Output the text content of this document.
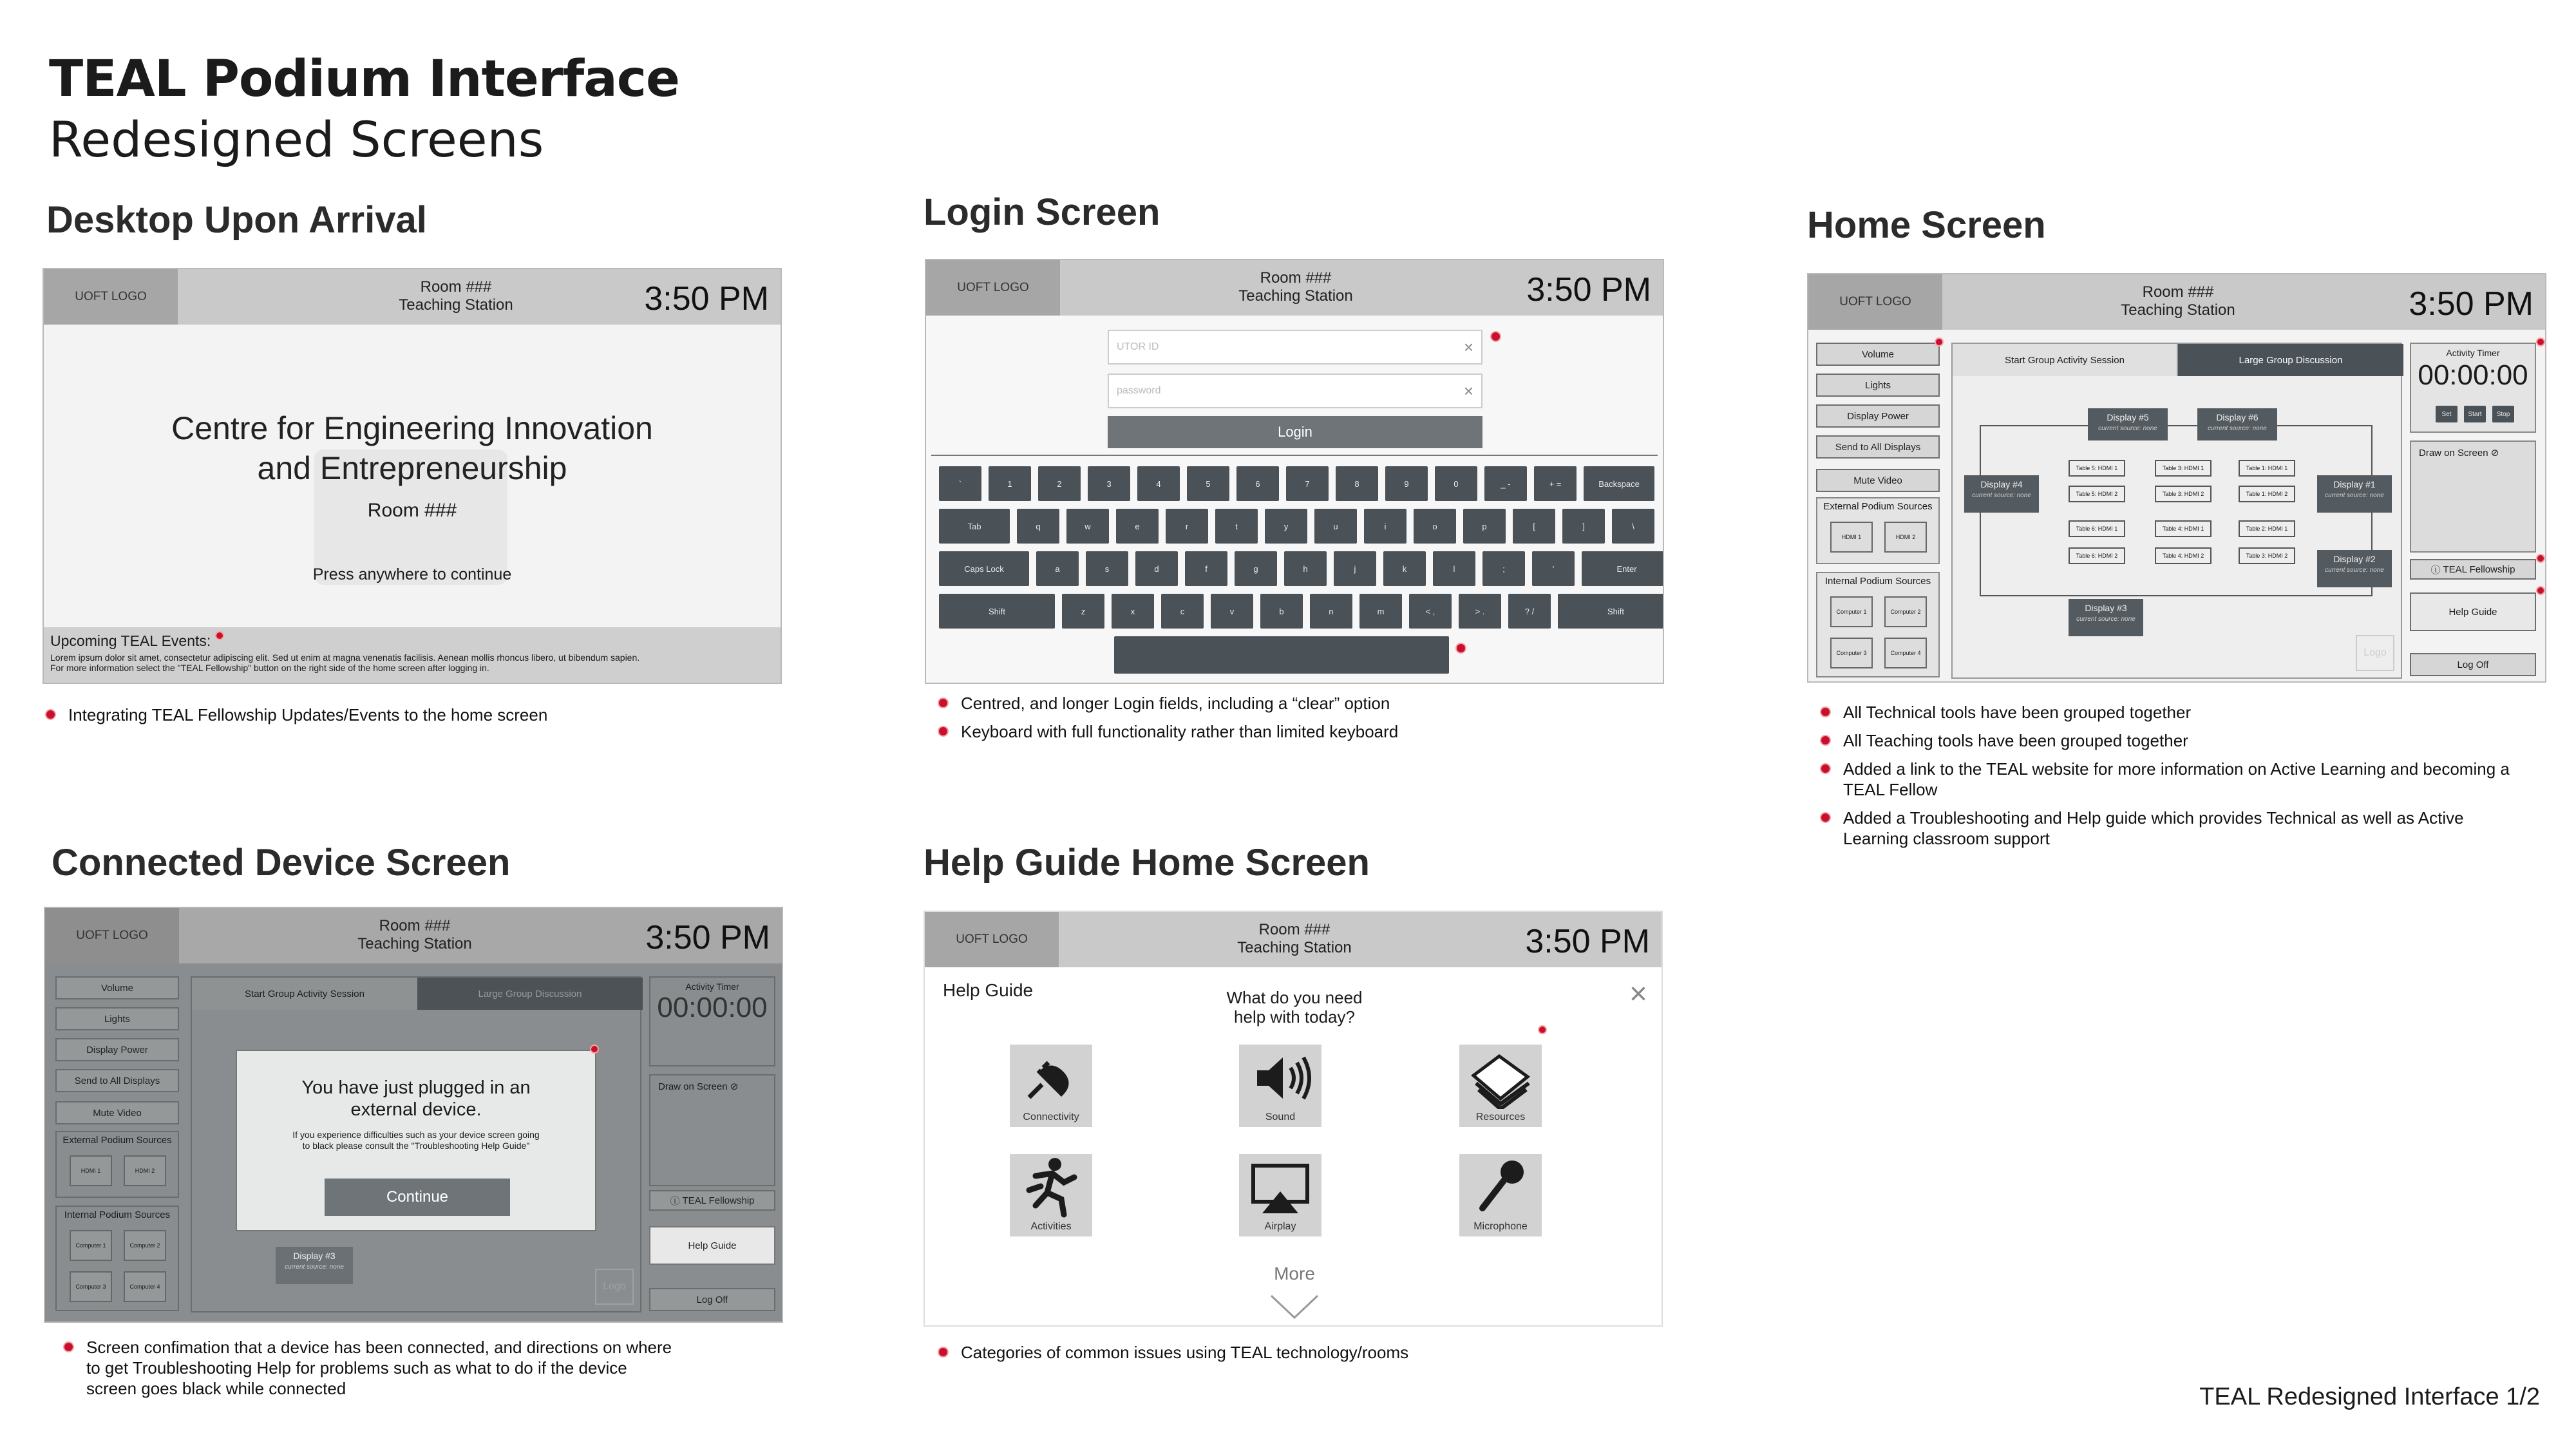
TEAL Podium Interface
Redesigned Screens
Desktop Upon Arrival
UOFT LOGO
Room ###
Teaching Station	3:50 PM
Centre for Engineering Innovation
and Entrepreneurship
Room ###
Press anywhere to continue
Upcoming TEAL Events:
Lorem ipsum dolor sit amet, consectetur adipiscing elit. Sed ut enim at magna venenatis facilisis. Aenean mollis rhoncus libero, ut bibendum sapien.
For more information select the "TEAL Fellowship" button on the right side of the home screen after logging in.
Integrating TEAL Fellowship Updates/Events to the home screen
Login Screen
UOFT LOGO
Room ###
Teaching Station	3:50 PM
UTOR ID	×
password	×
Login
`	1	2	3	4	5	6	7	8	9	0	_ -	+ =	Backspace
Tab	q	w	e	r	t	y	u	i	o	p	[	]	\
Caps Lock	a	s	d	f	g	h	j	k	l	;	'	Enter
Shift	z	x	c	v	b	n	m	< ,	> .	? /	Shift
Centred, and longer Login fields, including a “clear” option
Keyboard with full functionality rather than limited keyboard
Home Screen
UOFT LOGO
Room ###
Teaching Station	3:50 PM
Volume
Lights
Display Power
Send to All Displays
Mute Video
External Podium Sources
HDMI 1	HDMI 2
Internal Podium Sources
Computer 1	Computer 2
Computer 3	Computer 4
Start Group Activity Session	Large Group Discussion
Display #5
current source: none
Display #6
current source: none
Display #4
current source: none
Display #1
current source: none
Display #2
current source: none
Display #3
current source: none
Table 5: HDMI 1
Table 5: HDMI 2
Table 3: HDMI 1
Table 3: HDMI 2
Table 1: HDMI 1
Table 1: HDMI 2
Table 6: HDMI 1
Table 6: HDMI 2
Table 4: HDMI 1
Table 4: HDMI 2
Table 2: HDMI 1
Table 3: HDMI 2
Logo
Activity Timer
00:00:00
Set	Start	Stop
Draw on Screen ⊘
ⓘ TEAL Fellowship
Help Guide
Log Off
All Technical tools have been grouped together
All Teaching tools have been grouped together
Added a link to the TEAL website for more information on Active Learning and becoming a TEAL Fellow
Added a Troubleshooting and Help guide which provides Technical as well as Active Learning classroom support
Connected Device Screen
UOFT LOGO
Room ###
Teaching Station	3:50 PM
Volume
Lights
Display Power
Send to All Displays
Mute Video
External Podium Sources
HDMI 1	HDMI 2
Internal Podium Sources
Computer 1	Computer 2
Computer 3	Computer 4
Start Group Activity Session	Large Group Discussion
Display #3
current source: none
Logo
Activity Timer
00:00:00
Draw on Screen ⊘
ⓘ TEAL Fellowship
Help Guide
Log Off
You have just plugged in an
external device.
If you experience difficulties such as your device screen going
to black please consult the "Troubleshooting Help Guide"
Continue
Screen confimation that a device has been connected, and directions on where to get Troubleshooting Help for problems such as what to do if the device screen goes black while connected
Help Guide Home Screen
UOFT LOGO
Room ###
Teaching Station	3:50 PM
Help Guide	What do you need
help with today?
×
Connectivity	Sound	Resources
Activities	Airplay	Microphone
More
Categories of common issues using TEAL technology/rooms
TEAL Redesigned Interface 1/2
